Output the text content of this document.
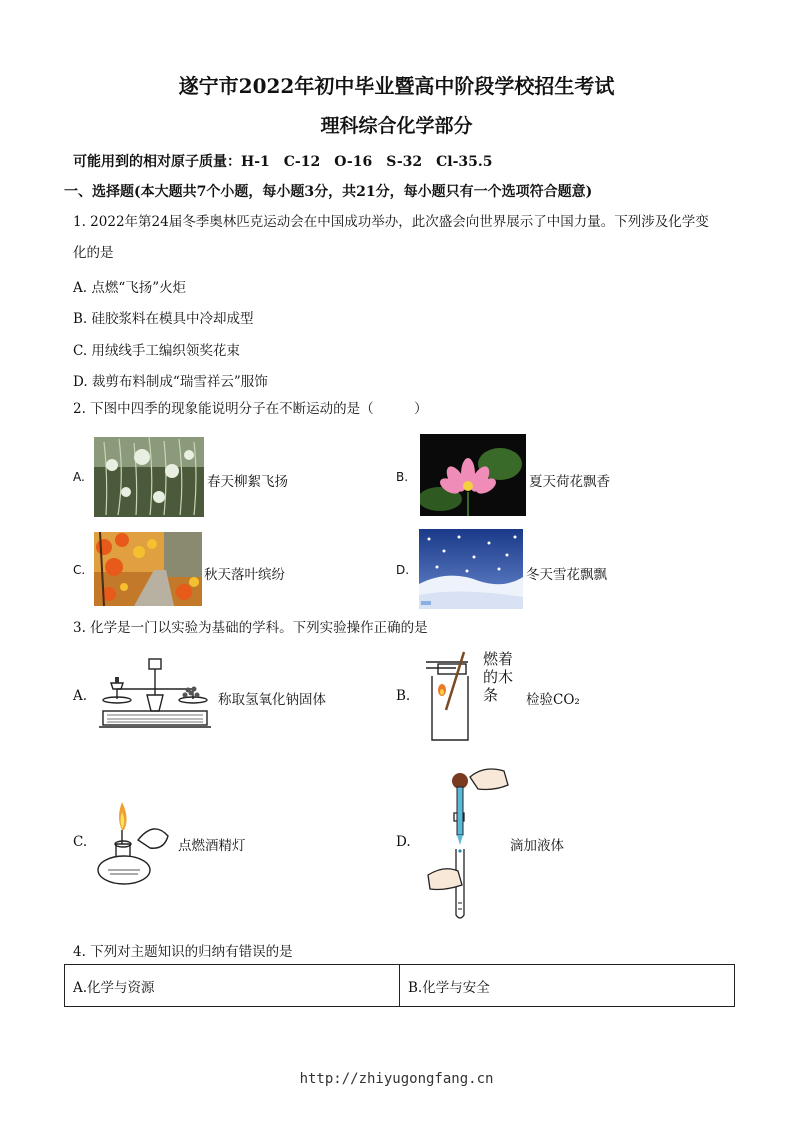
遂宁市2022年初中毕业暨高中阶段学校招生考试
理科综合化学部分
可能用到的相对原子质量：H-1　C-12　O-16　S-32　Cl-35.5
一、选择题(本大题共7个小题，每小题3分，共21分，每小题只有一个选项符合题意)
1. 2022年第24届冬季奥林匹克运动会在中国成功举办，此次盛会向世界展示了中国力量。下列涉及化学变
化的是
A. 点燃“飞扬”火炬
B. 硅胶浆料在模具中冷却成型
C. 用绒线手工编织领奖花束
D. 裁剪布料制成“瑞雪祥云”服饰
2. 下图中四季的现象能说明分子在不断运动的是（　　　）
A.	春天柳絮飞扬	B.	夏天荷花飘香
C.	秋天落叶缤纷	D.	冬天雪花飘飘
3. 化学是一门以实验为基础的学科。下列实验操作正确的是
A.	称取氢氧化钠固体	B.
燃着
的木
条	检验CO₂
C.	点燃酒精灯	D.	滴加液体
4. 下列对主题知识的归纳有错误的是
A.化学与资源	B.化学与安全
http://zhiyugongfang.cn
